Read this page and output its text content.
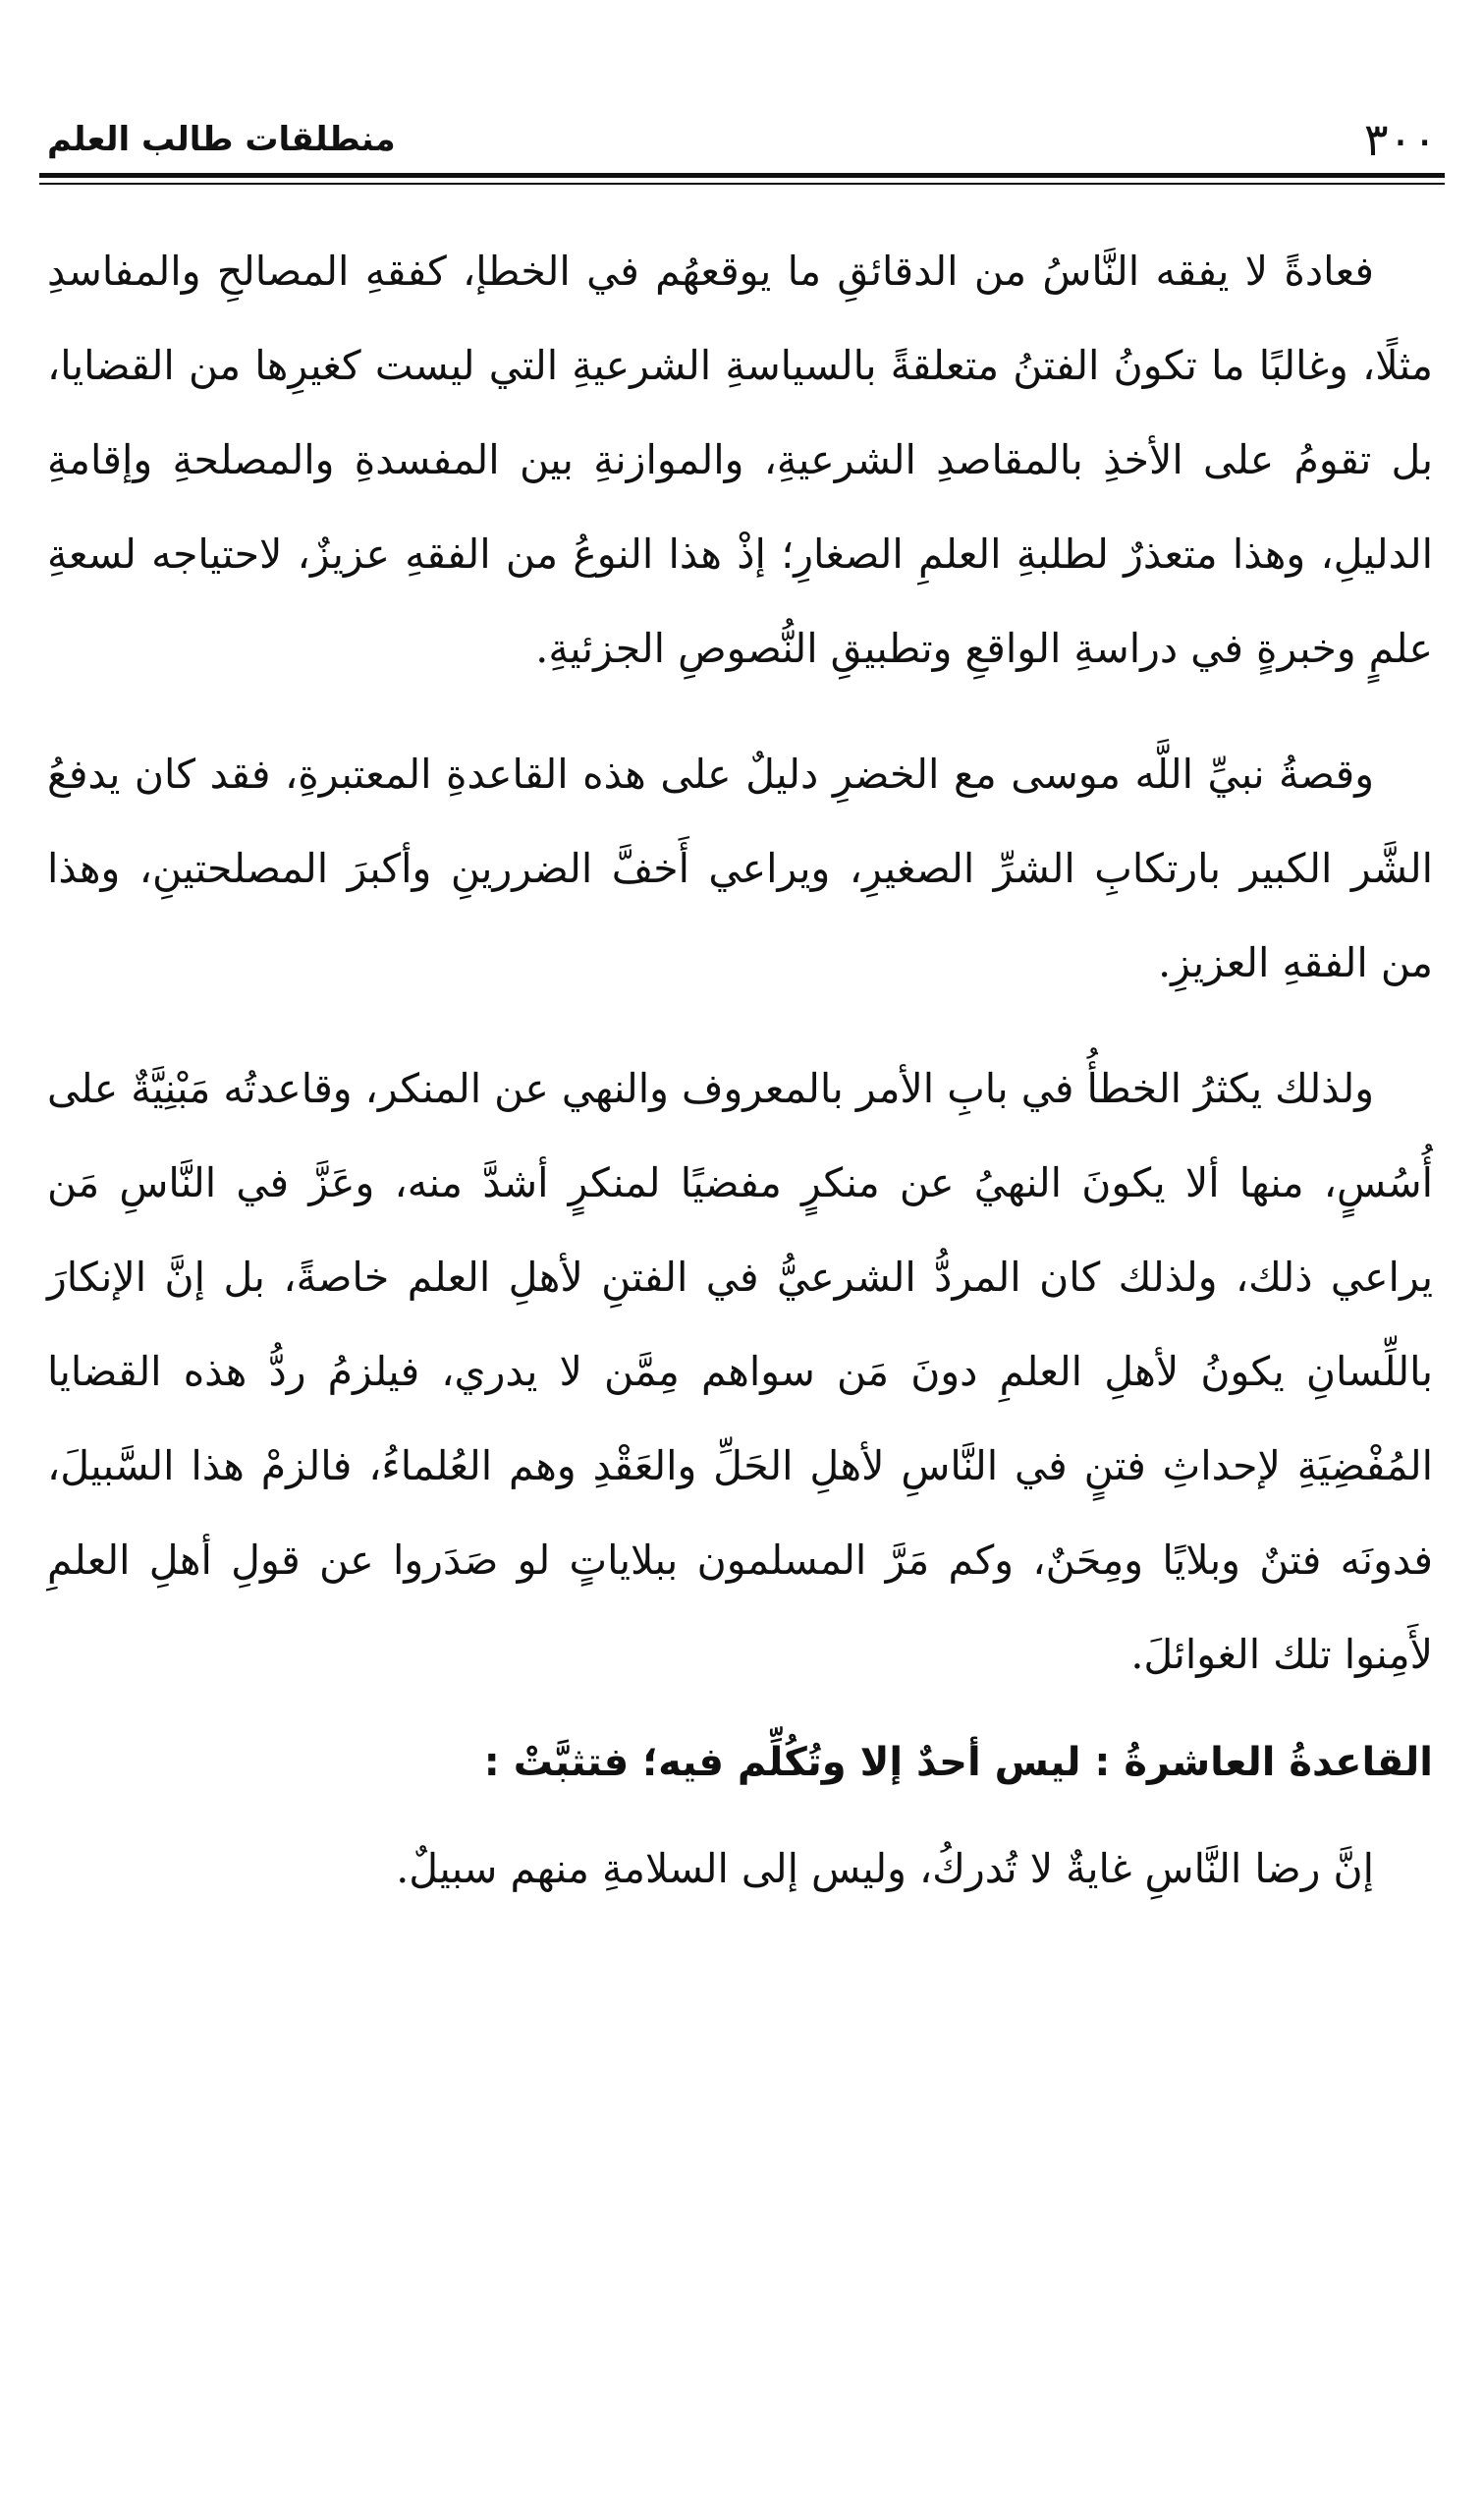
٣٠٠
منطلقات طالب العلم

فعادةً لا يفقه النَّاسُ من الدقائقِ ما يوقعهُم في الخطإ، كفقهِ المصالحِ والمفاسدِ مثلًا، وغالبًا ما تكونُ الفتنُ متعلقةً بالسياسةِ الشرعيةِ التي ليست كغيرِها من القضايا، بل تقومُ على الأخذِ بالمقاصدِ الشرعيةِ، والموازنةِ بين المفسدةِ والمصلحةِ وإقامةِ الدليلِ، وهذا متعذرٌ لطلبةِ العلمِ الصغارِ؛ إذْ هذا النوعُ من الفقهِ عزيزٌ، لاحتياجه لسعةِ علمٍ وخبرةٍ في دراسةِ الواقعِ وتطبيقِ النُّصوصِ الجزئيةِ.

وقصةُ نبيِّ اللَّه موسى مع الخضرِ دليلٌ على هذه القاعدةِ المعتبرةِ، فقد كان يدفعُ الشَّر الكبير بارتكابِ الشرِّ الصغيرِ، ويراعي أَخفَّ الضررينِ وأكبرَ المصلحتينِ، وهذا من الفقهِ العزيزِ.

ولذلك يكثرُ الخطأُ في بابِ الأمر بالمعروف والنهي عن المنكر، وقاعدتُه مَبْنِيَّةٌ على أُسُسٍ، منها ألا يكونَ النهيُ عن منكرٍ مفضيًا لمنكرٍ أشدَّ منه، وعَزَّ في النَّاسِ مَن يراعي ذلك، ولذلك كان المردُّ الشرعيُّ في الفتنِ لأهلِ العلم خاصةً، بل إنَّ الإنكارَ باللِّسانِ يكونُ لأهلِ العلمِ دونَ مَن سواهم مِمَّن لا يدري، فيلزمُ ردُّ هذه القضايا المُفْضِيَةِ لإحداثِ فتنٍ في النَّاسِ لأهلِ الحَلِّ والعَقْدِ وهم العُلماءُ، فالزمْ هذا السَّبيلَ، فدونَه فتنٌ وبلايًا ومِحَنٌ، وكم مَرَّ المسلمون ببلاياتٍ لو صَدَروا عن قولِ أهلِ العلمِ لأَمِنوا تلك الغوائلَ.

القاعدةُ العاشرةُ : ليس أحدٌ إلا وتُكُلِّم فيه؛ فتثبَّتْ :

إنَّ رضا النَّاسِ غايةٌ لا تُدركُ، وليس إلى السلامةِ منهم سبيلٌ.
